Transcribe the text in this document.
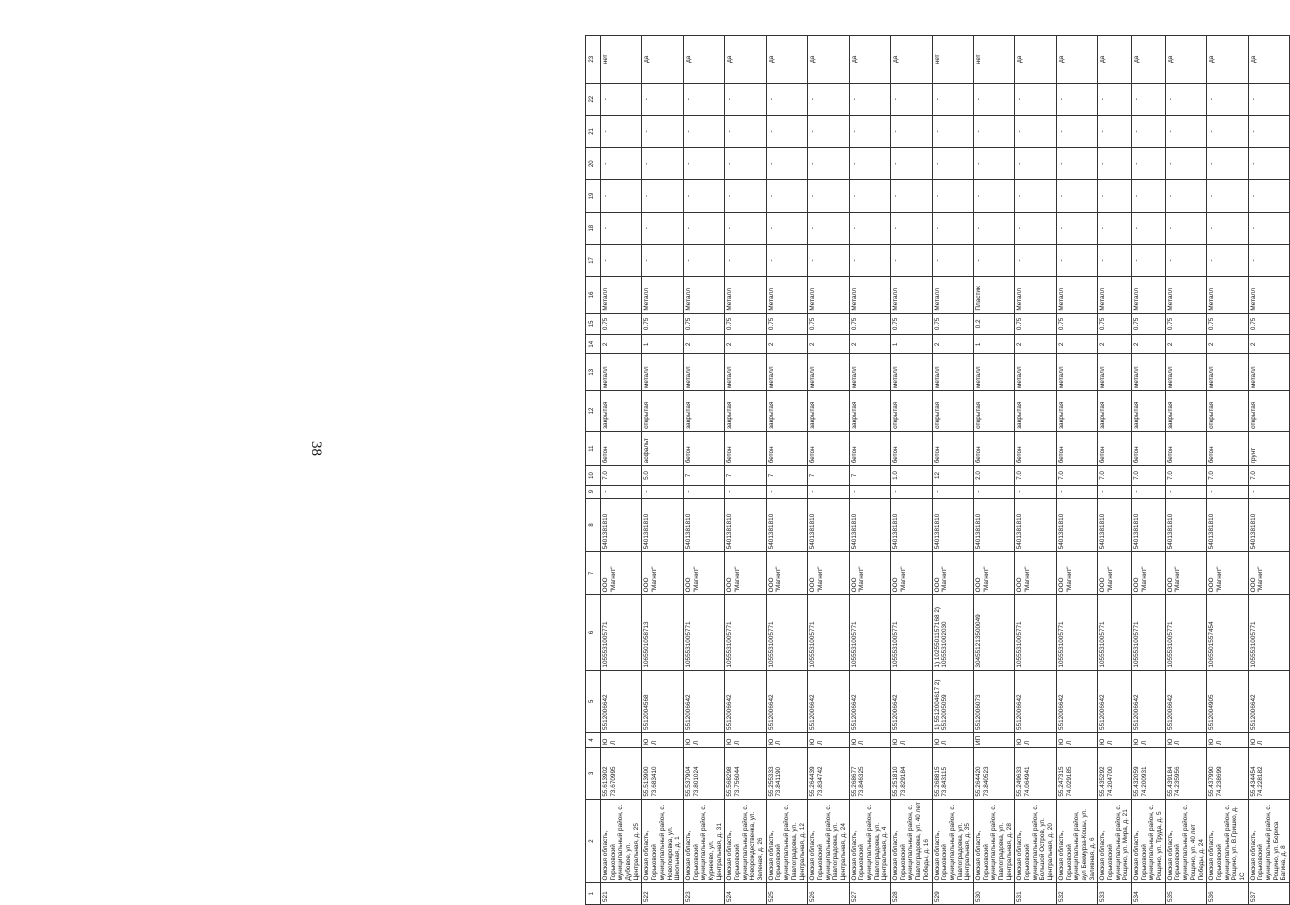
38
1	2	3	4	5	6	7	8	9	10	11	12	13	14	15	16	17	18	19	20	21	22	23
521	Омская область, Горьковский муниципальный район, с. Дубовое, ул. Центральная, д. 25	55.613902 73.670995	ЮЛ	5512006642	1055531005771	ООО "Магнит"	5401381810	-	7.0	бетон	закрытая	металл	2	0.75	Металл	-	-	-	-	-	-	нет
522	Омская область, Горьковский муниципальный район, с. Новопокровка, ул. Школьная, д. 1	55.513900 73.683410	ЮЛ	5512004568	1065501058713	ООО "Магнит"	5401381810	-	5.0	асфальт	открытая	металл	1	0.75	Металл	-	-	-	-	-	-	да
523	Омская область, Горьковский муниципальный район, с. Курнеево, ул. Центральная, д. 31	55.537904 73.801024	ЮЛ	5512006642	1055531005771	ООО "Магнит"	5401381810	-	7	бетон	закрытая	металл	2	0.75	Металл	-	-	-	-	-	-	да
524	Омская область, Горьковский муниципальный район, с. Новорождественка, ул. Зеленая, д. 26	55.568298 73.756044	ЮЛ	5512006642	1055531005771	ООО "Магнит"	5401381810	-	7	бетон	закрытая	металл	2	0.75	Металл	-	-	-	-	-	-	да
525	Омская область, Горьковский муниципальный район, с. Павлоградовка, ул. Центральная, д. 12	55.255333 73.841190	ЮЛ	5512006642	1055531005771	ООО "Магнит"	5401381810	-	7	бетон	закрытая	металл	2	0.75	Металл	-	-	-	-	-	-	да
526	Омская область, Горьковский муниципальный район, с. Павлоградовка, ул. Центральная, д. 24	55.264439 73.834742	ЮЛ	5512006642	1055531005771	ООО "Магнит"	5401381810	-	7	бетон	закрытая	металл	2	0.75	Металл	-	-	-	-	-	-	да
527	Омская область, Горьковский муниципальный район, с. Павлоградовка, ул. Центральная, д. 4	55.268677 73.846325	ЮЛ	5512006642	1055531005771	ООО "Магнит"	5401381810	-	7	бетон	закрытая	металл	2	0.75	Металл	-	-	-	-	-	-	да
528	Омская область, Горьковский муниципальный район, с. Павлоградовка, ул. 40 лет Победы, д. 16	55.251810 73.829184	ЮЛ	5512006642	1055531005771	ООО "Магнит"	5401381810	-	1.0	бетон	открытая	металл	1	0.75	Металл	-	-	-	-	-	-	да
529	Омская область, Горьковский муниципальный район, с. Павлоградовка, ул. Центральная, д. 35	55.268815 73.843115	ЮЛ	1) 5512004617 2) 5512005059	1) 1025501157168 2) 1055531002030	ООО "Магнит"	5401381810	-	12	бетон	открытая	металл	2	0.75	Металл	-	-	-	-	-	-	нет
530	Омская область, Горьковский муниципальный район, с. Павлоградовка, ул. Центральная, д. 28	55.264420 73.840523	ИП	5512006073	304551213500049	ООО "Магнит"	5401381810	-	2.0	бетон	открытая	металл	1	0.2	Пластик	-	-	-	-	-	-	нет
531	Омская область, Горьковский муниципальный район, с. Большой Остров, ул. Центральная, д. 20	55.249633 74.064941	ЮЛ	5512006642	1055531005771	ООО "Магнит"	5401381810	-	7.0	бетон	закрытая	металл	2	0.75	Металл	-	-	-	-	-	-	да
532	Омская область, Горьковский муниципальный район, аул Бекмурза-Кошы, ул. Заливная, д. 6	55.247315 74.029185	ЮЛ	5512006642	1055531005771	ООО "Магнит"	5401381810	-	7.0	бетон	закрытая	металл	2	0.75	Металл	-	-	-	-	-	-	да
533	Омская область, Горьковский муниципальный район, с. Рощино, ул. Мира, д. 21	55.435292 74.204700	ЮЛ	5512006642	1055531005771	ООО "Магнит"	5401381810	-	7.0	бетон	закрытая	металл	2	0.75	Металл	-	-	-	-	-	-	да
534	Омская область, Горьковский муниципальный район, с. Рощино, ул. Труда, д. 5	55.432059 74.200931	ЮЛ	5512006642	1055531005771	ООО "Магнит"	5401381810	-	7.0	бетон	закрытая	металл	2	0.75	Металл	-	-	-	-	-	-	да
535	Омская область, Горьковский муниципальный район, с. Рощино, ул. 40 лет Победы, д. 24	55.439184 74.235956	ЮЛ	5512006642	1055531005771	ООО "Магнит"	5401381810	-	7.0	бетон	закрытая	металл	2	0.75	Металл	-	-	-	-	-	-	да
536	Омская область, Горьковский муниципальный район, с. Рощино, ул. В.Гришко, д. 1С	55.437990 74.238699	ЮЛ	5512004905	1065501557454	ООО "Магнит"	5401381810	-	7.0	бетон	открытая	металл	2	0.75	Металл	-	-	-	-	-	-	да
537	Омская область, Горьковский муниципальный район, с. Рощино, ул. Бориса Багина, д. 8	55.434454 74.228182	ЮЛ	5512006642	1055531005771	ООО "Магнит"	5401381810	-	7.0	грунт	открытая	металл	2	0.75	Металл	-	-	-	-	-	-	да
